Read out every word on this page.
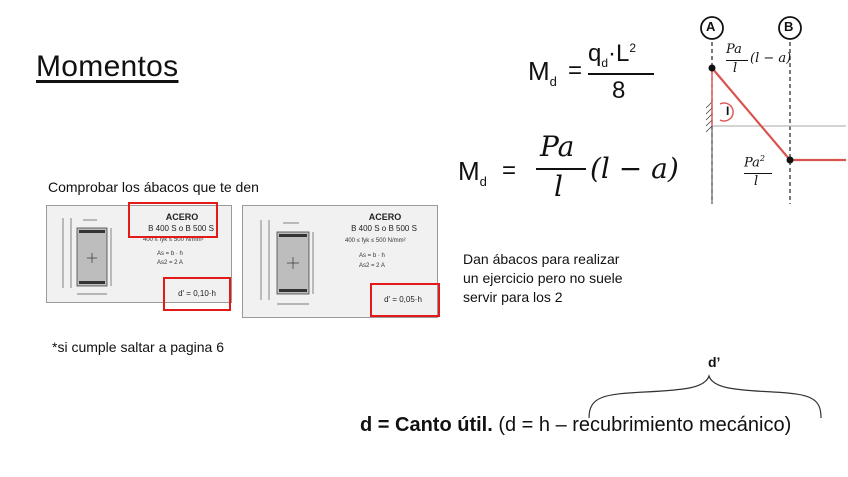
Momentos
Comprobar los ábacos que te den
ACERO
B 400 S o B 500 S
400 ≤ fyk ≤ 500 N/mm²
As = b · h
As2 = 2 A
d' = 0,10·h
ACERO
B 400 S o B 500 S
400 ≤ fyk ≤ 500 N/mm²
As = b · h
As2 = 2 A
d' = 0,05·h
*si cumple saltar a pagina 6
Dan ábacos para realizar
un ejercicio pero no suele
servir para los 2
$M_d$ =
$q_d\cdot L^2$
8
$M_d$ =
Pa
l
(l − a)
A	B
I
Pa
l
(l − a)
Pa$^2$
l
d’
d = Canto útil. (d = h – recubrimiento mecánico)
